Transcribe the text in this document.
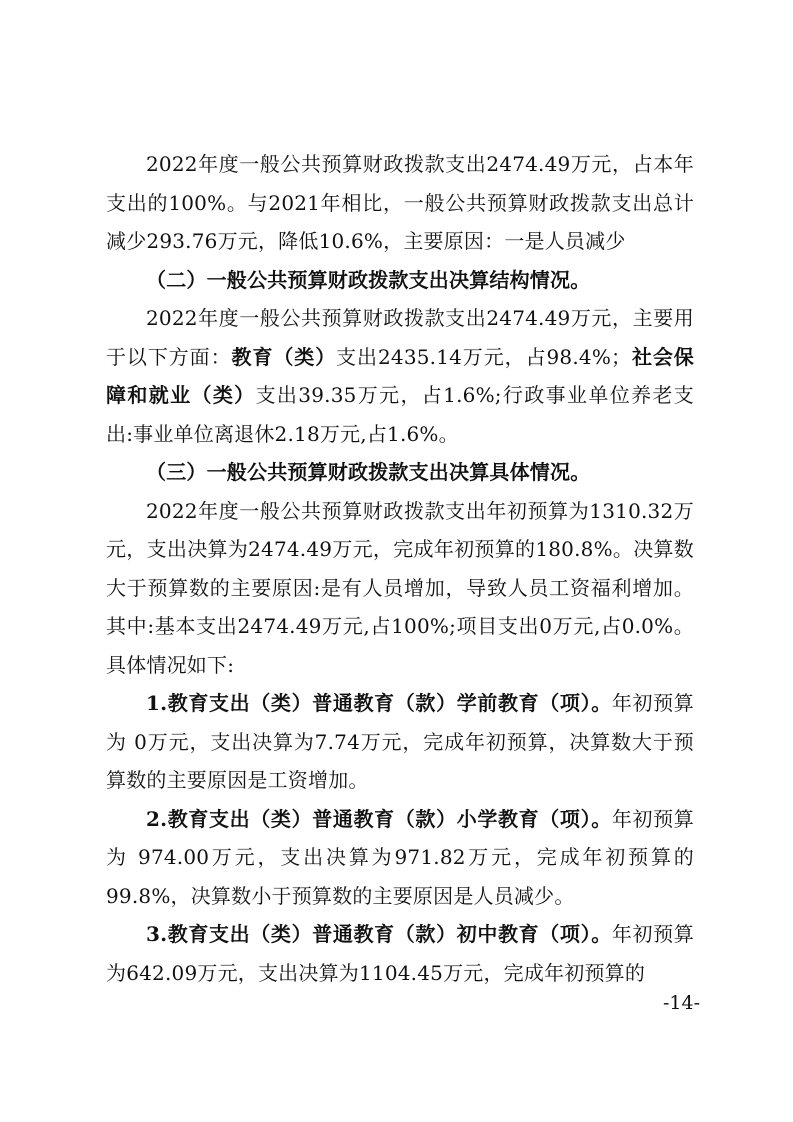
2022年度一般公共预算财政拨款支出2474.49万元，占本年支出的100%。与2021年相比，一般公共预算财政拨款支出总计减少293.76万元，降低10.6%，主要原因：一是人员减少

（二）一般公共预算财政拨款支出决算结构情况。

2022年度一般公共预算财政拨款支出2474.49万元，主要用于以下方面：教育（类）支出2435.14万元，占98.4%；社会保障和就业（类）支出39.35万元，占1.6%;行政事业单位养老支出:事业单位离退休2.18万元,占1.6%。

（三）一般公共预算财政拨款支出决算具体情况。

2022年度一般公共预算财政拨款支出年初预算为1310.32万元，支出决算为2474.49万元，完成年初预算的180.8%。决算数大于预算数的主要原因:是有人员增加，导致人员工资福利增加。其中:基本支出2474.49万元,占100%;项目支出0万元,占0.0%。具体情况如下:

1.教育支出（类）普通教育（款）学前教育（项）。年初预算为 0万元，支出决算为7.74万元，完成年初预算，决算数大于预算数的主要原因是工资增加。

2.教育支出（类）普通教育（款）小学教育（项）。年初预算为 974.00万元，支出决算为971.82万元，完成年初预算的99.8%，决算数小于预算数的主要原因是人员减少。

3.教育支出（类）普通教育（款）初中教育（项）。年初预算为642.09万元，支出决算为1104.45万元，完成年初预算的

-14-
